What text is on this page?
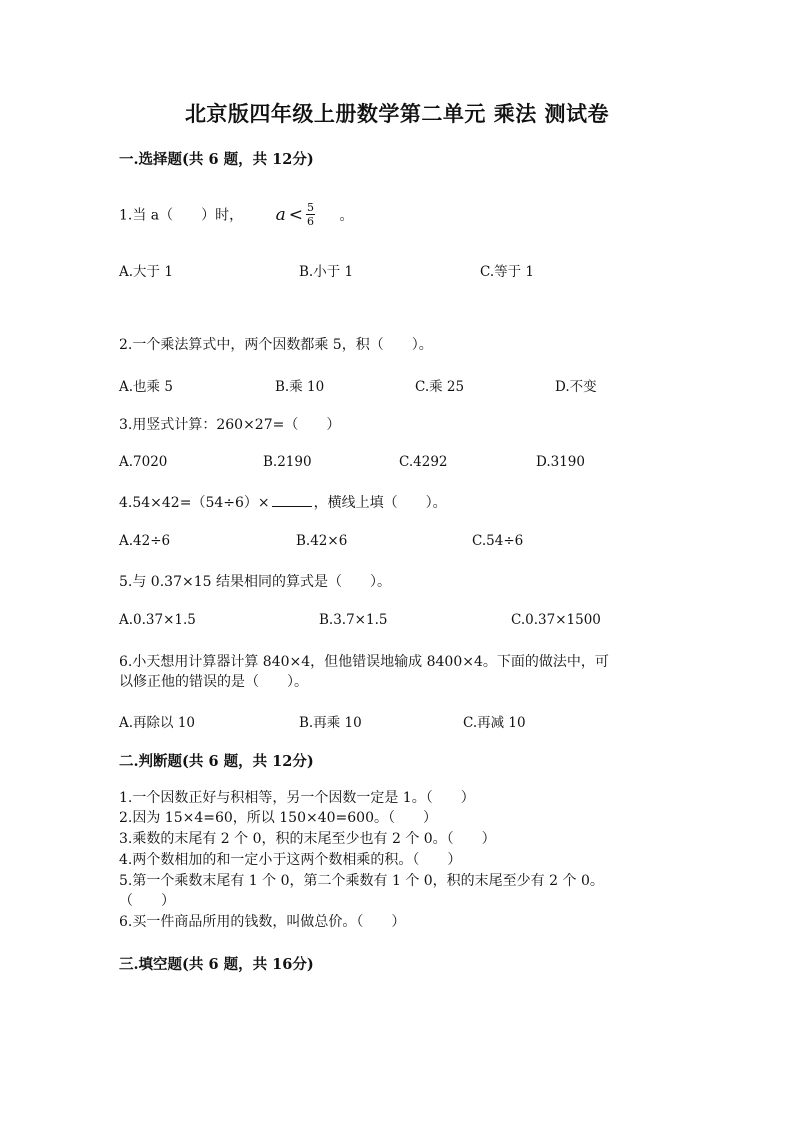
北京版四年级上册数学第二单元 乘法 测试卷
一.选择题(共 6 题，共 12分)
1.当 a（　　）时， $a < \frac{5}{6}$ 。
A.大于 1	B.小于 1	C.等于 1
2.一个乘法算式中，两个因数都乘 5，积（　　）。
A.也乘 5	B.乘 10	C.乘 25	D.不变
3.用竖式计算：260×27=（　　）
A.7020	B.2190	C.4292	D.3190
4.54×42=（54÷6）×	，横线上填（　　）。
A.42÷6	B.42×6	C.54÷6
5.与 0.37×15 结果相同的算式是（　　）。
A.0.37×1.5	B.3.7×1.5	C.0.37×1500
6.小天想用计算器计算 840×4，但他错误地输成 8400×4。下面的做法中，可
以修正他的错误的是（　　）。
A.再除以 10	B.再乘 10	C.再减 10
二.判断题(共 6 题，共 12分)
1.一个因数正好与积相等，另一个因数一定是 1。（　　）
2.因为 15×4=60，所以 150×40=600。（　　）
3.乘数的末尾有 2 个 0，积的末尾至少也有 2 个 0。（　　）
4.两个数相加的和一定小于这两个数相乘的积。（　　）
5.第一个乘数末尾有 1 个 0，第二个乘数有 1 个 0，积的末尾至少有 2 个 0。
（　　）
6.买一件商品所用的钱数，叫做总价。（　　）
三.填空题(共 6 题，共 16分)
